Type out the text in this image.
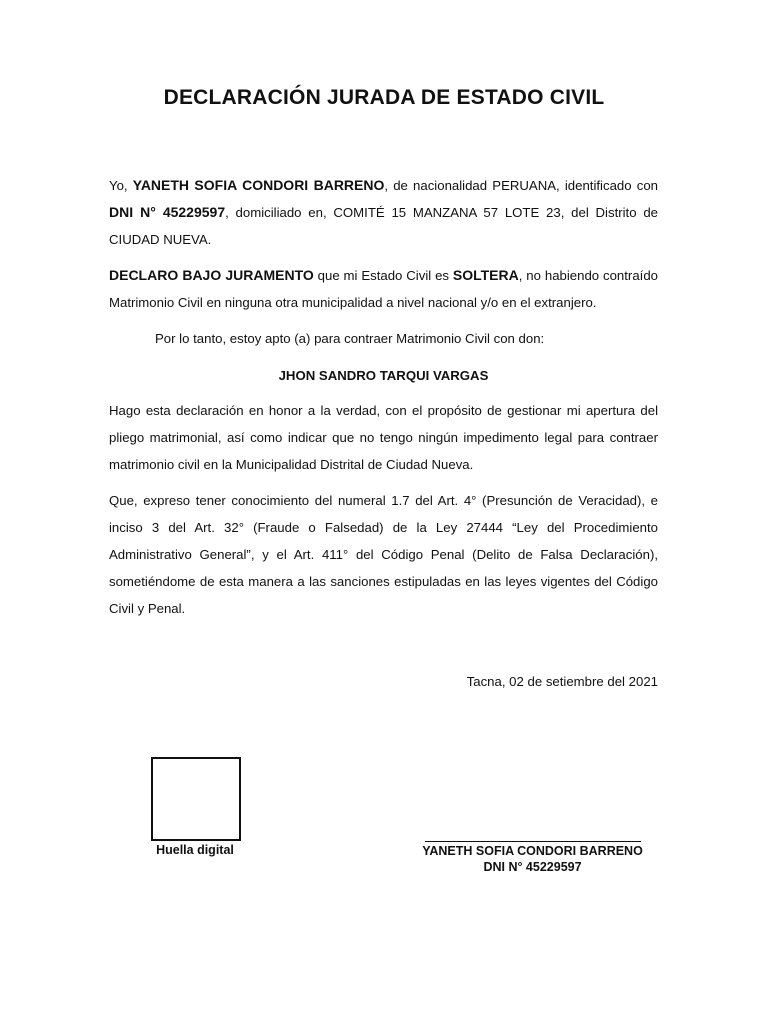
DECLARACIÓN JURADA DE ESTADO CIVIL

Yo, YANETH SOFIA CONDORI BARRENO, de nacionalidad PERUANA, identificado con DNI N° 45229597, domiciliado en, COMITÉ 15 MANZANA 57 LOTE 23, del Distrito de CIUDAD NUEVA.

DECLARO BAJO JURAMENTO que mi Estado Civil es SOLTERA, no habiendo contraído Matrimonio Civil en ninguna otra municipalidad a nivel nacional y/o en el extranjero.

Por lo tanto, estoy apto (a) para contraer Matrimonio Civil con don:

JHON SANDRO TARQUI VARGAS

Hago esta declaración en honor a la verdad, con el propósito de gestionar mi apertura del pliego matrimonial, así como indicar que no tengo ningún impedimento legal para contraer matrimonio civil en la Municipalidad Distrital de Ciudad Nueva.

Que, expreso tener conocimiento del numeral 1.7 del Art. 4° (Presunción de Veracidad), e inciso 3 del Art. 32° (Fraude o Falsedad) de la Ley 27444 “Ley del Procedimiento Administrativo General”, y el Art. 411° del Código Penal (Delito de Falsa Declaración), sometiéndome de esta manera a las sanciones estipuladas en las leyes vigentes del Código Civil y Penal.

Tacna, 02 de setiembre del 2021

Huella digital	YANETH SOFIA CONDORI BARRENO
DNI N° 45229597
